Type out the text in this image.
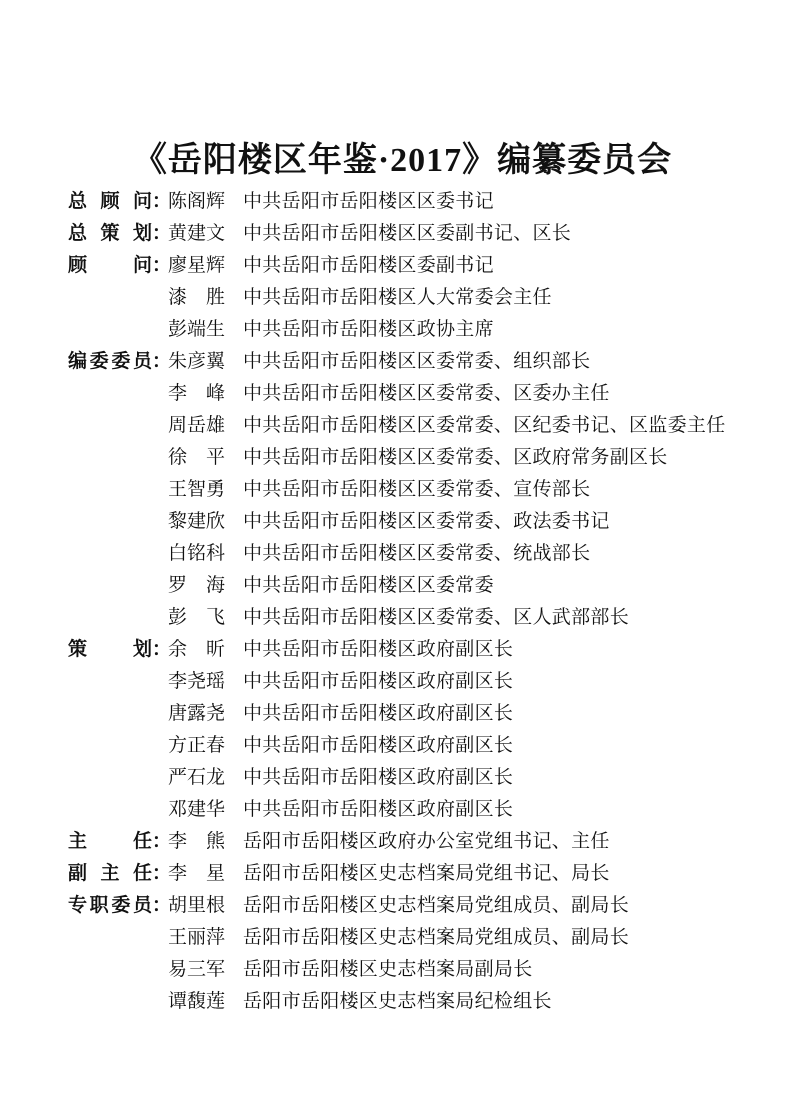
《岳阳楼区年鉴·2017》编纂委员会
总顾问 ：
陈阁辉 中共岳阳市岳阳楼区区委书记
总策划 ：
黄建文 中共岳阳市岳阳楼区区委副书记、区长
顾问 ：
廖星辉 中共岳阳市岳阳楼区委副书记
漆胜 中共岳阳市岳阳楼区人大常委会主任
彭端生 中共岳阳市岳阳楼区政协主席
编委委员 ：
朱彦翼 中共岳阳市岳阳楼区区委常委、组织部长
李峰 中共岳阳市岳阳楼区区委常委、区委办主任
周岳雄 中共岳阳市岳阳楼区区委常委、区纪委书记、区监委主任
徐平 中共岳阳市岳阳楼区区委常委、区政府常务副区长
王智勇 中共岳阳市岳阳楼区区委常委、宣传部长
黎建欣 中共岳阳市岳阳楼区区委常委、政法委书记
白铭科 中共岳阳市岳阳楼区区委常委、统战部长
罗海 中共岳阳市岳阳楼区区委常委
彭飞 中共岳阳市岳阳楼区区委常委、区人武部部长
策划 ：
余昕 中共岳阳市岳阳楼区政府副区长
李尧瑶 中共岳阳市岳阳楼区政府副区长
唐露尧 中共岳阳市岳阳楼区政府副区长
方正春 中共岳阳市岳阳楼区政府副区长
严石龙 中共岳阳市岳阳楼区政府副区长
邓建华 中共岳阳市岳阳楼区政府副区长
主任 ：
李熊 岳阳市岳阳楼区政府办公室党组书记、主任
副主任 ：
李星 岳阳市岳阳楼区史志档案局党组书记、局长
专职委员 ：
胡里根 岳阳市岳阳楼区史志档案局党组成员、副局长
王丽萍 岳阳市岳阳楼区史志档案局党组成员、副局长
易三军 岳阳市岳阳楼区史志档案局副局长
谭馥莲 岳阳市岳阳楼区史志档案局纪检组长
